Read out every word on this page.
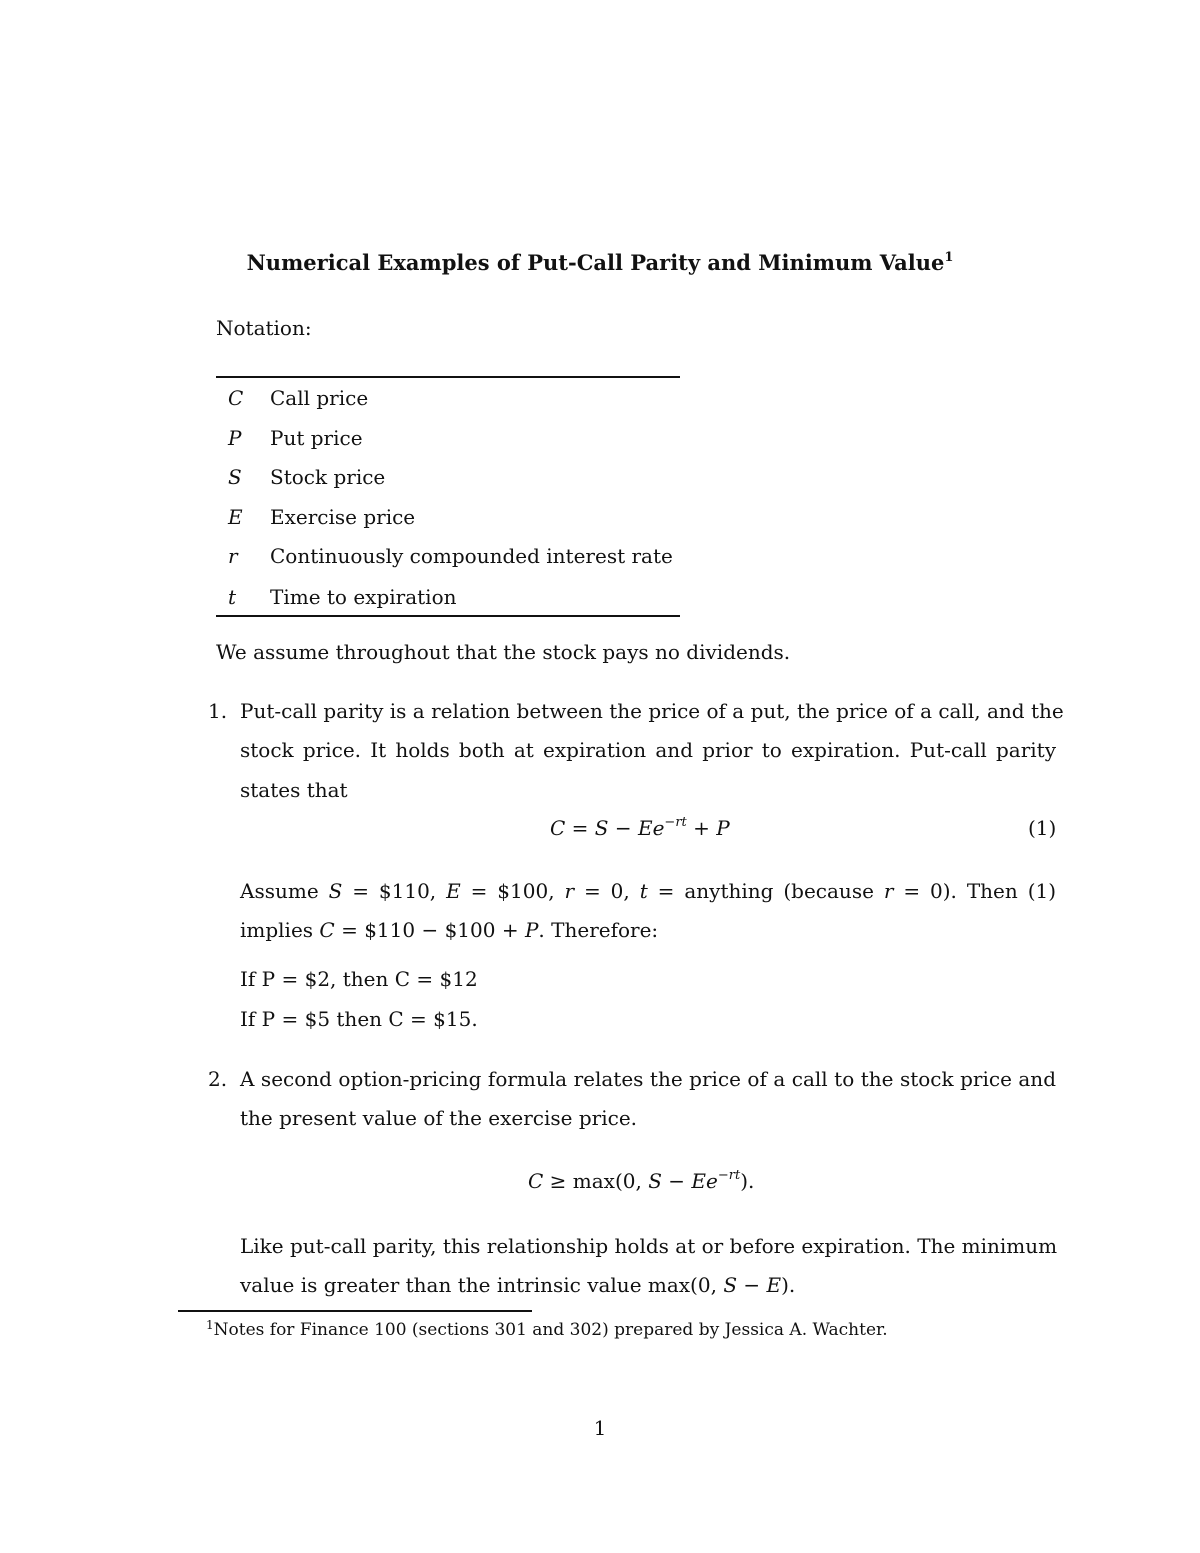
Numerical Examples of Put-Call Parity and Minimum Value$^1$
Notation:
C Call price
P Put price
S Stock price
E Exercise price
r Continuously compounded interest rate
t Time to expiration
We assume throughout that the stock pays no dividends.
1. Put-call parity is a relation between the price of a put, the price of a call, and the
stock price. It holds both at expiration and prior to expiration. Put-call parity
states that
$C = S - Ee^{-rt} + P$	(1)
Assume S = $110, E = $100, r = 0, t = anything (because r = 0). Then (1)
implies C = $110 − $100 + P. Therefore:
If P = $2, then C = $12
If P = $5 then C = $15.
2. A second option-pricing formula relates the price of a call to the stock price and
the present value of the exercise price.
C ≥ max(0, $S - Ee^{-rt}$).
Like put-call parity, this relationship holds at or before expiration. The minimum
value is greater than the intrinsic value max(0, S − E).
$^1$Notes for Finance 100 (sections 301 and 302) prepared by Jessica A. Wachter.
1
